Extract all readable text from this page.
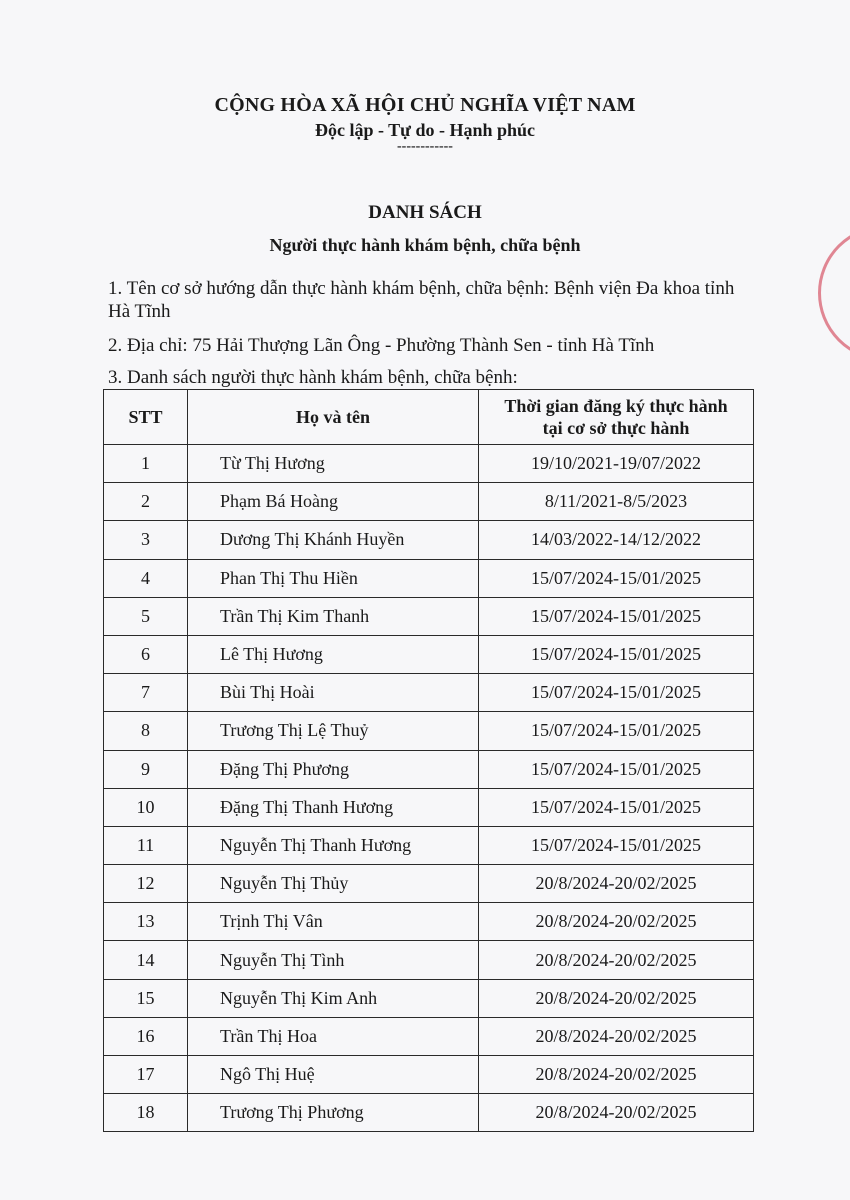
CỘNG HÒA XÃ HỘI CHỦ NGHĨA VIỆT NAM
Độc lập - Tự do - Hạnh phúc
------------
DANH SÁCH
Người thực hành khám bệnh, chữa bệnh
1. Tên cơ sở hướng dẫn thực hành khám bệnh, chữa bệnh: Bệnh viện Đa khoa tỉnh Hà Tĩnh
2. Địa chỉ: 75 Hải Thượng Lãn Ông - Phường Thành Sen - tỉnh Hà Tĩnh
3. Danh sách người thực hành khám bệnh, chữa bệnh:
STT	Họ và tên	Thời gian đăng ký thực hành
tại cơ sở thực hành

1	Từ Thị Hương	19/10/2021-19/07/2022
2	Phạm Bá Hoàng	8/11/2021-8/5/2023
3	Dương Thị Khánh Huyền	14/03/2022-14/12/2022
4	Phan Thị Thu Hiền	15/07/2024-15/01/2025
5	Trần Thị Kim Thanh	15/07/2024-15/01/2025
6	Lê Thị Hương	15/07/2024-15/01/2025
7	Bùi Thị Hoài	15/07/2024-15/01/2025
8	Trương Thị Lệ Thuỷ	15/07/2024-15/01/2025
9	Đặng Thị Phương	15/07/2024-15/01/2025
10	Đặng Thị Thanh Hương	15/07/2024-15/01/2025
11	Nguyễn Thị Thanh Hương	15/07/2024-15/01/2025
12	Nguyễn Thị Thủy	20/8/2024-20/02/2025
13	Trịnh Thị Vân	20/8/2024-20/02/2025
14	Nguyễn Thị Tình	20/8/2024-20/02/2025
15	Nguyễn Thị Kim Anh	20/8/2024-20/02/2025
16	Trần Thị Hoa	20/8/2024-20/02/2025
17	Ngô Thị Huệ	20/8/2024-20/02/2025
18	Trương Thị Phương	20/8/2024-20/02/2025
